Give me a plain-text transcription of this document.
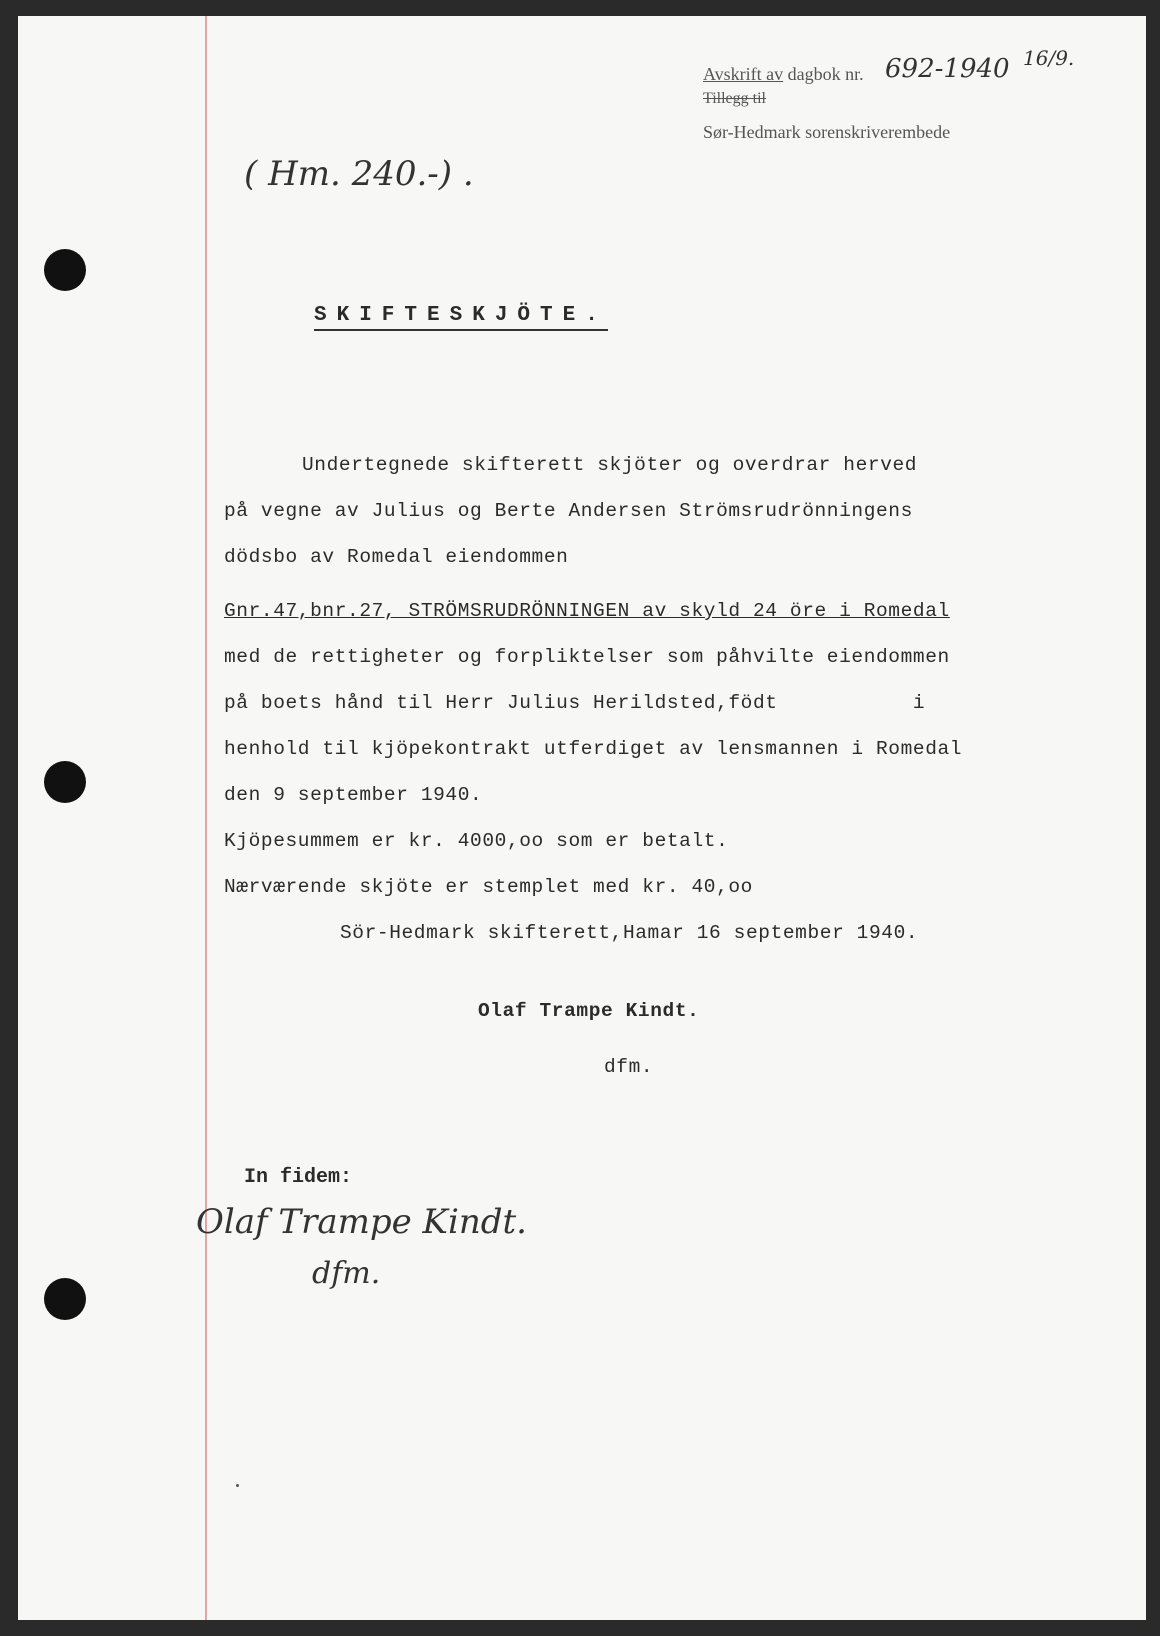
Avskrift av dagbok nr.
Tillegg til
Sør-Hedmark sorenskriverembede
692-1940 16/9.
( Hm. 240.-) .
SKIFTESKJÖTE.
Undertegnede skifterett skjöter og overdrar herved
på vegne av Julius og Berte Andersen Strömsrudrönningens
dödsbo av Romedal eiendommen
Gnr.47,bnr.27, STRÖMSRUDRÖNNINGEN av skyld 24 öre i Romedal
med de rettigheter og forpliktelser som påhvilte eiendommen
på boets hånd til Herr Julius Herildsted,födt           i
henhold til kjöpekontrakt utferdiget av lensmannen i Romedal
den 9 september 1940.
Kjöpesummem er kr. 4000,oo som er betalt.
Nærværende skjöte er stemplet med kr. 40,oo
Sör-Hedmark skifterett,Hamar 16 september 1940.
Olaf Trampe Kindt.
dfm.
In fidem:
Olaf Trampe Kindt.
dfm.
